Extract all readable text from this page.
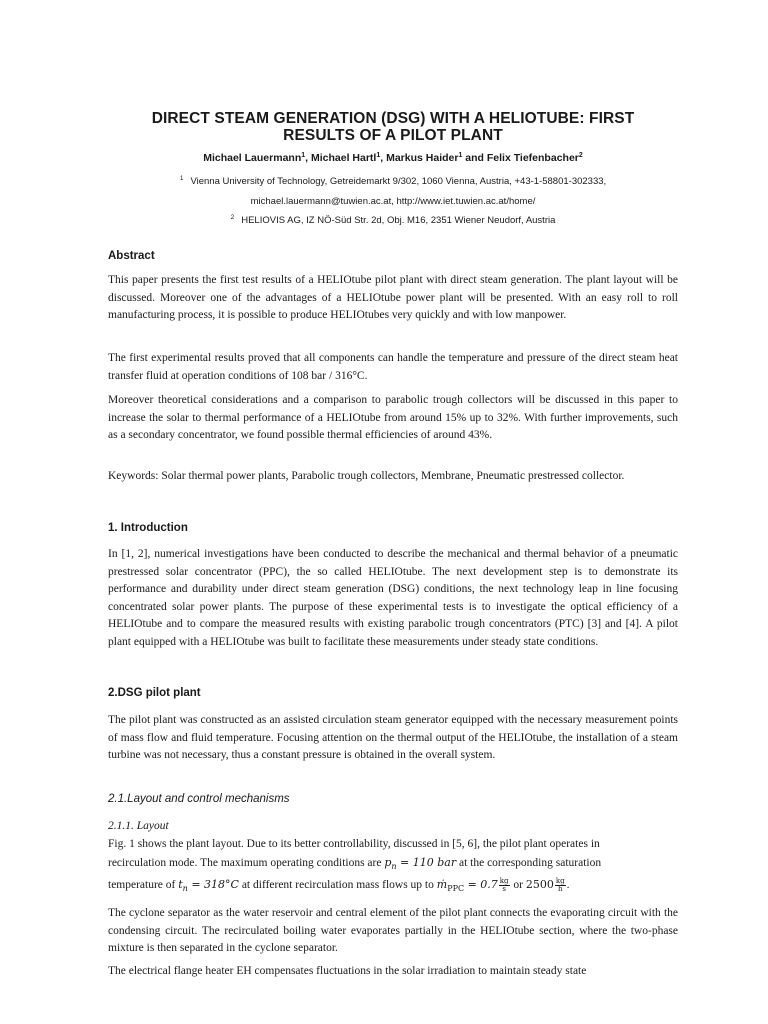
DIRECT STEAM GENERATION (DSG) WITH A HELIOTUBE: FIRST
RESULTS OF A PILOT PLANT
Michael Lauermann$^1$, Michael Hartl$^1$, Markus Haider$^1$ and Felix Tiefenbacher$^2$
$^1$ Vienna University of Technology, Getreidemarkt 9/302, 1060 Vienna, Austria, +43-1-58801-302333,
michael.lauermann@tuwien.ac.at, http://www.iet.tuwien.ac.at/home/
$^2$ HELIOVIS AG, IZ NÖ-Süd Str. 2d, Obj. M16, 2351 Wiener Neudorf, Austria
Abstract

This paper presents the first test results of a HELIOtube pilot plant with direct steam generation. The plant layout will be discussed. Moreover one of the advantages of a HELIOtube power plant will be presented. With an easy roll to roll manufacturing process, it is possible to produce HELIOtubes very quickly and with low manpower.

The first experimental results proved that all components can handle the temperature and pressure of the direct steam heat transfer fluid at operation conditions of 108 bar / 316°C.

Moreover theoretical considerations and a comparison to parabolic trough collectors will be discussed in this paper to increase the solar to thermal performance of a HELIOtube from around 15% up to 32%. With further improvements, such as a secondary concentrator, we found possible thermal efficiencies of around 43%.

Keywords: Solar thermal power plants, Parabolic trough collectors, Membrane, Pneumatic prestressed collector.

1. Introduction

In [1, 2], numerical investigations have been conducted to describe the mechanical and thermal behavior of a pneumatic prestressed solar concentrator (PPC), the so called HELIOtube. The next development step is to demonstrate its performance and durability under direct steam generation (DSG) conditions, the next technology leap in line focusing concentrated solar power plants. The purpose of these experimental tests is to investigate the optical efficiency of a HELIOtube and to compare the measured results with existing parabolic trough concentrators (PTC) [3] and [4]. A pilot plant equipped with a HELIOtube was built to facilitate these measurements under steady state conditions.

2.DSG pilot plant

The pilot plant was constructed as an assisted circulation steam generator equipped with the necessary measurement points of mass flow and fluid temperature. Focusing attention on the thermal output of the HELIOtube, the installation of a steam turbine was not necessary, thus a constant pressure is obtained in the overall system.

2.1.Layout and control mechanisms
2.1.1. Layout
Fig. 1 shows the plant layout. Due to its better controllability, discussed in [5, 6], the pilot plant operates in
recirculation mode. The maximum operating conditions are $p_n = 110$ bar at the corresponding saturation
temperature of $t_n = 318^\circ C$ at different recirculation mass flows up to ṁ$_{PPC}$ = $0.7 \frac{kg}{s}$ or $2500 \frac{kg}{h}$ .

The cyclone separator as the water reservoir and central element of the pilot plant connects the evaporating circuit with the condensing circuit. The recirculated boiling water evaporates partially in the HELIOtube section, where the two-phase mixture is then separated in the cyclone separator.

The electrical flange heater EH compensates fluctuations in the solar irradiation to maintain steady state
